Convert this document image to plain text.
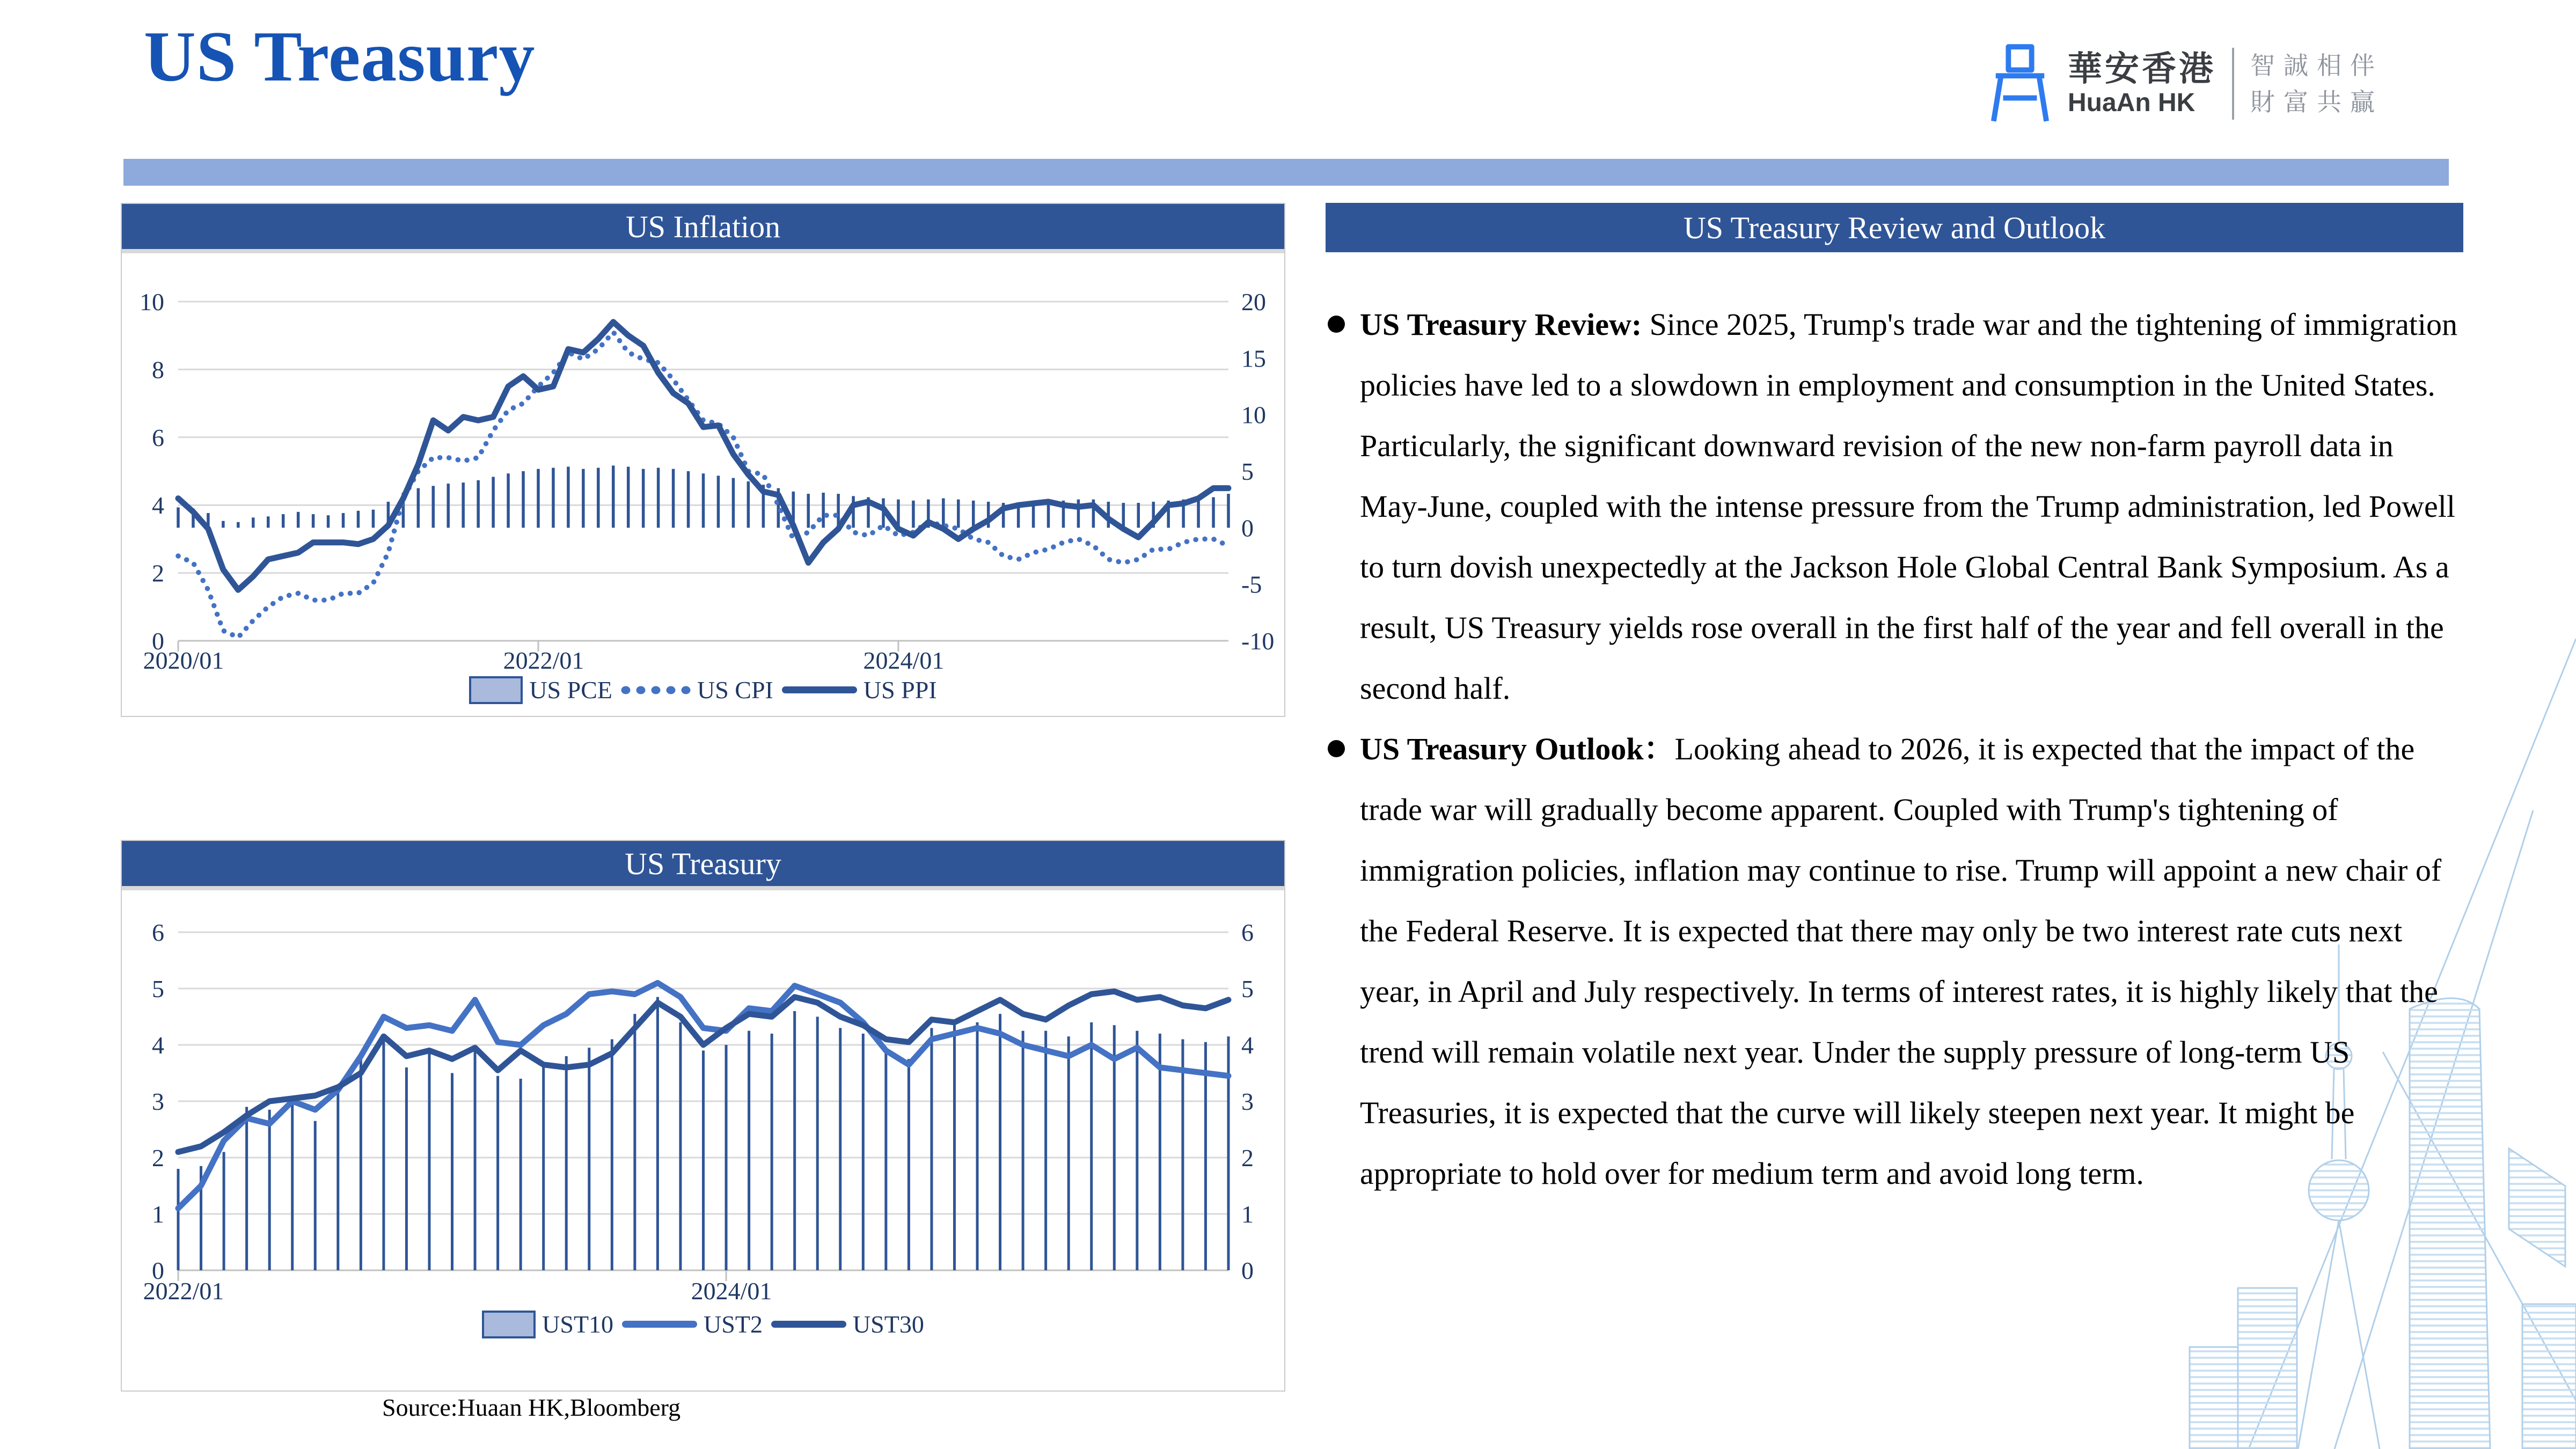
US Treasury	華安香港
HuaAn HK
智誠相伴
財富共贏
US Inflation
0
2
4
6
8
10
-10
-5
0
5
10
15
20
2020/01	2022/01	2024/01
US PCE	US CPI	US PPI
US Treasury
0
1
2
3
4
5
6
0
1
2
3
4
5
6
2022/01	2024/01
UST10	UST2	UST30
Source:Huaan HK,Bloomberg
US Treasury Review and Outlook
US Treasury Review: Since 2025, Trump's trade war and the tightening of immigration policies have led to a slowdown in employment and consumption in the United States. Particularly, the significant downward revision of the new non-farm payroll data in May-June, coupled with the intense pressure from the Trump administration, led Powell to turn dovish unexpectedly at the Jackson Hole Global Central Bank Symposium. As a result, US Treasury yields rose overall in the first half of the year and fell overall in the second half.
US Treasury Outlook：Looking ahead to 2026, it is expected that the impact of the trade war will gradually become apparent. Coupled with Trump's tightening of immigration policies, inflation may continue to rise. Trump will appoint a new chair of the Federal Reserve. It is expected that there may only be two interest rate cuts next year, in April and July respectively. In terms of interest rates, it is highly likely that the trend will remain volatile next year. Under the supply pressure of long-term US Treasuries, it is expected that the curve will likely steepen next year. It might be appropriate to hold over for medium term and avoid long term.
